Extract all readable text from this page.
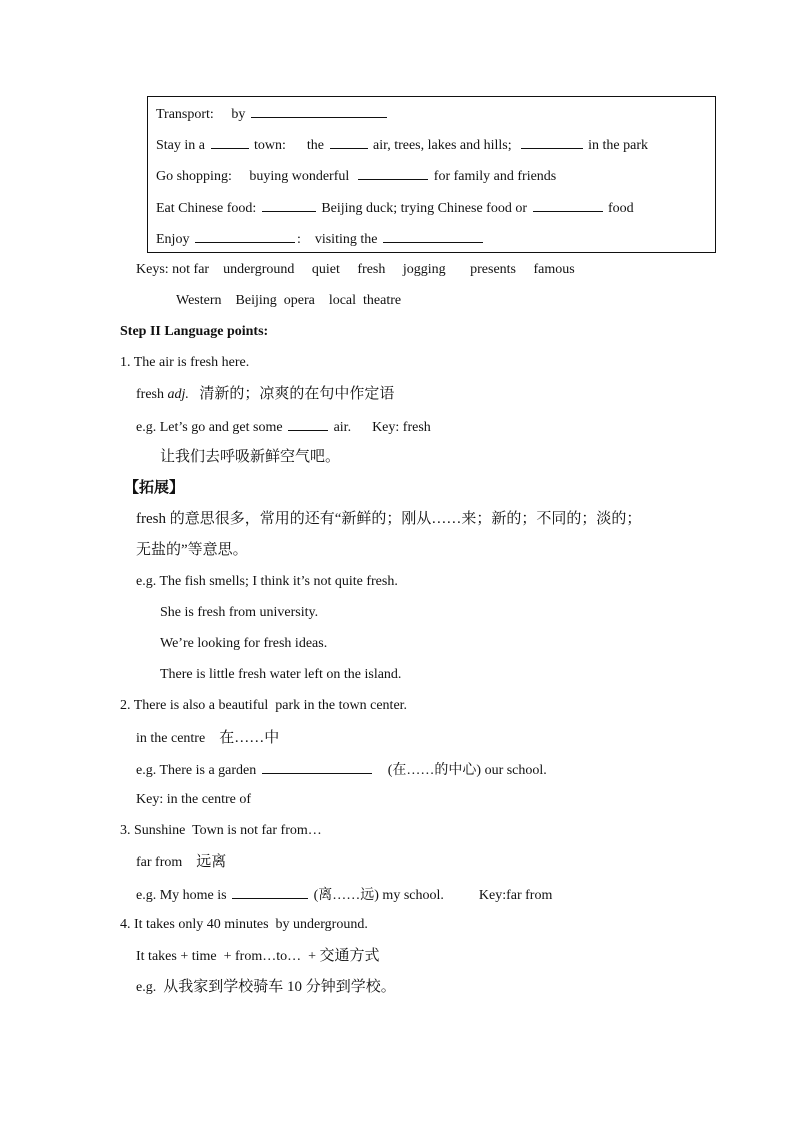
Transport: by
Stay in a	town: the	air, trees, lakes and hills;	in the park
Go shopping: buying wonderful	for family and friends
Eat Chinese food:	Beijing duck; trying Chinese food or	food
Enjoy	: visiting the
Keys: not far    underground     quiet     fresh     jogging       presents     famous
Western    Beijing  opera    local  theatre
Step II Language points:
1. The air is fresh here.
fresh adj. 清新的；凉爽的在句中作定语
e.g. Let’s go and get some	air.      Key: fresh
让我们去呼吸新鲜空气吧。
【拓展】
fresh 的意思很多，常用的还有“新鲜的；刚从……来；新的；不同的；淡的；
无盐的”等意思。
e.g. The fish smells; I think it’s not quite fresh.
She is fresh from university.
We’re looking for fresh ideas.
There is little fresh water left on the island.
2. There is also a beautiful  park in the town center.
in the centre 在……中
e.g. There is a garden	(在……的中心) our school.
Key: in the centre of
3. Sunshine  Town is not far from…
far from 远离
e.g. My home is	(离……远) my school.          Key:far from
4. It takes only 40 minutes  by underground.
It takes + time  + from…to…  + 交通方式
e.g. 从我家到学校骑车 10 分钟到学校。
